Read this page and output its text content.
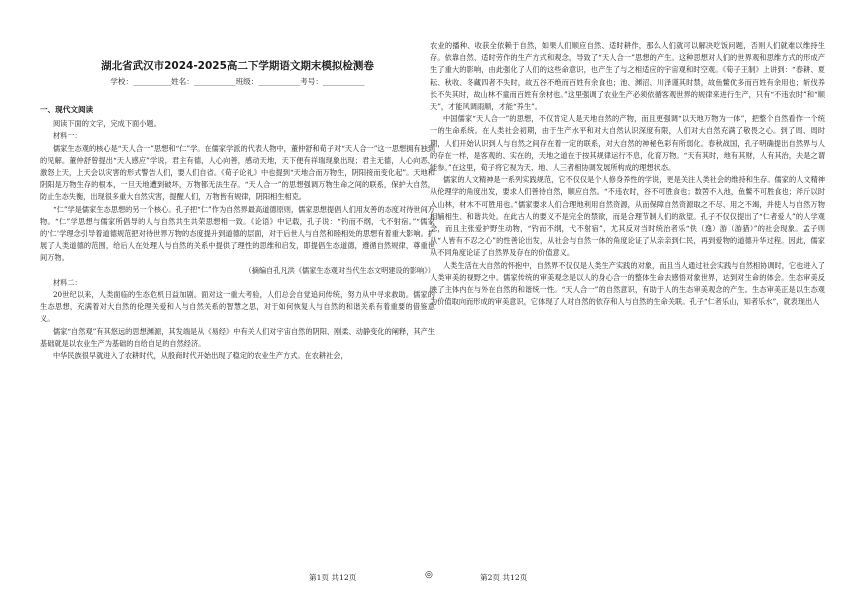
湖北省武汉市2024-2025高二下学期语文期末模拟检测卷
学校：__________姓名：___________班级：___________考号：___________
一、现代文阅读

阅读下面的文字，完成下面小题。

材料一：

儒家生态观的核心是“天人合一”思想和“仁”学。在儒家学派的代表人物中，董仲舒和荀子对“天人合一”这一思想拥有独到的见解。董仲舒曾提出“天人感应”学说，君主有德，人心向善，感动天地，天下便有祥瑞现象出现；君主无德，人心向恶，激怒上天，上天会以灾害的形式警告人们，要人们自省。《荀子论礼》中也提到“天地合而万物生，阴阳接而变化起”。天地和阴阳是万物生存的根本，一旦天地遭到破坏，万物都无法生存。“天人合一”的思想强调万物生命之间的联系，保护大自然，防止生态失衡，出现很多重大自然灾害，提醒人们，万物皆有规律，阴阳相生相克。

“仁”学是儒家生态思想的另一个核心。孔子把“仁”作为自然界最高道德原则，儒家思想提倡人们用友善的态度对待世间万物。“仁”学思想与儒家所倡导的人与自然共生共荣思想相一致。《论语》中记载，孔子说：“钓而不纲，弋不射宿。”“儒家的‘仁’学理念引导着道德规范把对待世界万物的态度提升到道德的层面，对于后世人与自然和睦相处的思想有着重大影响。扩展了人类道德的范围，给后人在处理人与自然的关系中提供了理性的思维和启发，即提倡生态道德，遵循自然规律，尊重世间万物。

（摘编自孔凡洪《儒家生态观对当代生态文明建设的影响》）

材料二：

20世纪以来，人类面临的生态危机日益加剧。面对这一重大考验，人们总会自觉追问传统，努力从中寻求救助。儒家的生态思想，充满着对大自然的伦理关爱和人与自然关系的智慧之思，对于如何恢复人与自然的和谐关系有着重要的借鉴意义。

儒家“自然观”有其悠远的思想渊源，其发端是从《易经》中有关人们对宇宙自然的阴阳、刚柔、动静变化的阐释，其产生基础就是以农业生产为基础的自给自足的自然经济。

中华民族很早就进入了农耕时代，从殷商时代开始出现了稳定的农业生产方式。在农耕社会，

农业的播种、收获全依赖于自然，如果人们顺应自然、适时耕作，那么人们就可以解决吃饭问题，否则人们就难以维持生存。依靠自然、适时劳作的生产方式和观念，导致了“天人合一”思想的产生。这种思想对人们的世界观和思维方式的形成产生了重大的影响，由此强化了人们的这些命意识，也产生了与之相适应的宇宙观和时空观。《荀子王制》上讲到：“春耕、夏耘、秋收、冬藏四者不失时，故五谷不绝而百姓有余食也；池、渊沼、川泽谨其时禁，故鱼鳖优多而百姓有余用也；斩伐养长不失其时，故山林不童而百姓有余材也。”这里强调了农业生产必须依循客观世界的规律来进行生产，只有“不违农时”和“顺天”，才能风调雨顺，才能“养生”。

中国儒家“天人合一”的思想，不仅肯定人是天地自然的产物，而且更强调“以天地万物为一体”，把整个自然看作一个统一的生命系统。在人类社会初期，由于生产水平和对大自然认识深度有限，人们对大自然充满了敬畏之心。到了周、周时期，人们开始认识到人与自然之间存在着一定的联系，对大自然的神秘色彩有所弱化。春秋战国，孔子明确提出自然界与人的存在一样，是客观的、实在的，天地之道在于按其规律运行不息，化育万物。“天有其时，地有其财，人有其治，夫是之谓能参。”在这里，荀子将它视为天、地、人三者相协调发展所构成的理想状态。

儒家的人文精神是一系列实践规范，它不仅仅是个人修身养性的学说，更是关注人类社会的维持和生存。儒家的人文精神从伦理学的角度出发，要求人们善待自然，顺应自然。“不违农时，谷不可胜食也；数罟不入池，鱼鳖不可胜食也；斧斤以时入山林，材木不可胜用也。”儒家要求人们合理地利用自然资源，从而保障自然资源取之不尽、用之不竭，并使人与自然万物相辅相生、和谐共处。在此古人的要义不是完全的禁欲，而是合理节制人们的欲望。孔子不仅仅提出了“仁者爱人”的人学观念，而且主张爱护野生动物，“钓而不纲，弋不射宿”，尤其反对当时统治者乐“佚（逸）游（游猎）”的社会现象。孟子则从“人皆有不忍之心”的性善论出发，从社会与自然一体的角度论证了从亲亲到仁民，再到爱物的道德升华过程。因此，儒家从不同角度论证了自然界及存在的价值意义。

人类生活在大自然的怀抱中，自然界不仅仅是人类生产实践的对象，而且当人通过社会实践与自然相协调时，它也进入了人类审美的视野之中。儒家传统的审美观念是以人的身心合一的整体生命去感悟对象世界，达到对生命的体会。生态审美反映了主体内在与外在自然的和谐统一性。“天人合一”的自然意识，有助于人的生态审美观念的产生。生态审美正是以生态观为价值取向而形成的审美意识，它体现了人对自然的依存和人与自然的生命关联。孔子“仁者乐山，知者乐水”，就表现出人

第1页 共12页	◎	第2页 共12页
